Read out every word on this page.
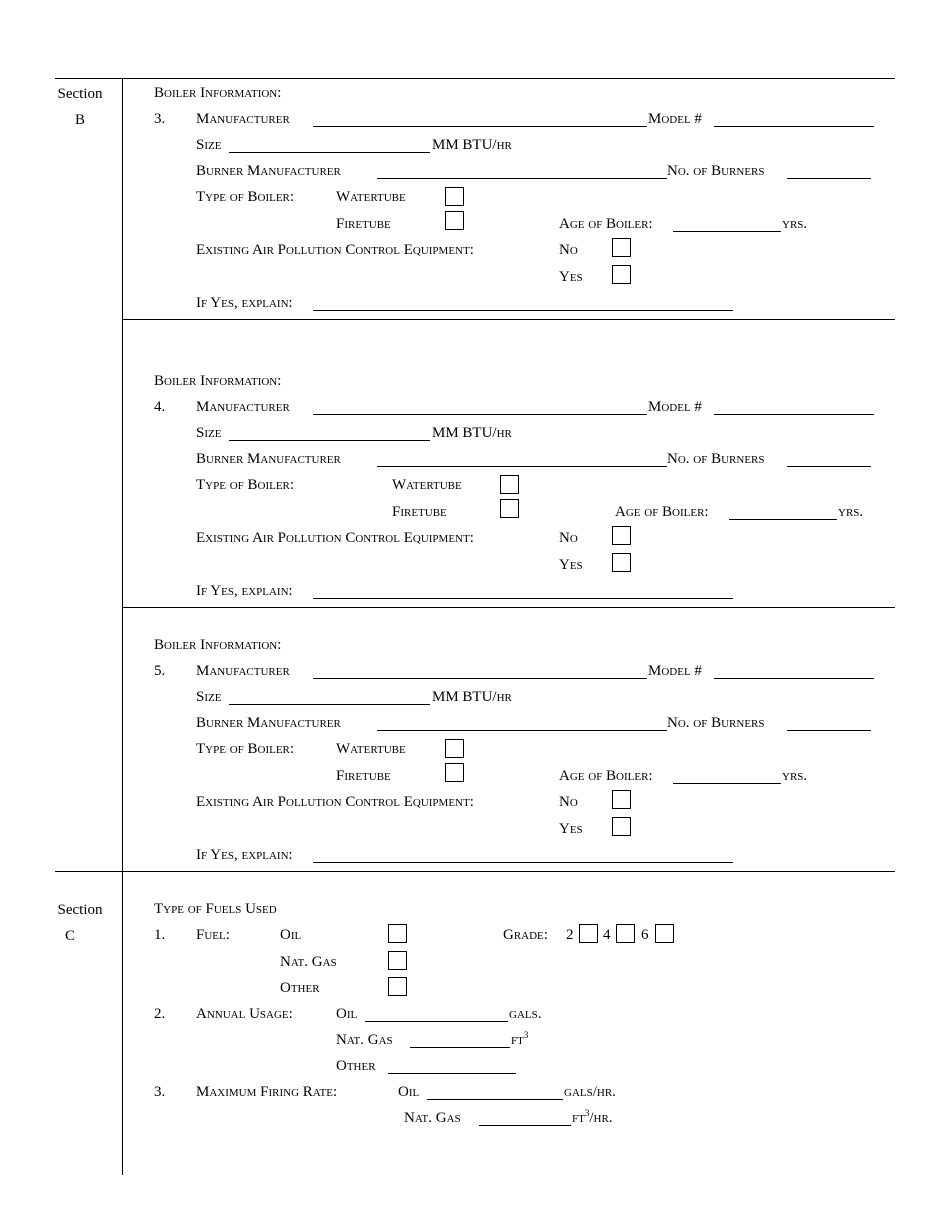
Section
B
Boiler Information:
3. Manufacturer	Model #
Size	MM BTU/hr
Burner Manufacturer	No. of Burners
Type of Boiler:	Watertube
Firetube	Age of Boiler:	yrs.
Existing Air Pollution Control Equipment:	No
Yes
If Yes, explain:
Boiler Information:
4. Manufacturer	Model #
Size	MM BTU/hr
Burner Manufacturer	No. of Burners
Type of Boiler:	Watertube
Firetube	Age of Boiler:	yrs.
Existing Air Pollution Control Equipment:	No
Yes
If Yes, explain:
Boiler Information:
5. Manufacturer	Model #
Size	MM BTU/hr
Burner Manufacturer	No. of Burners
Type of Boiler:	Watertube
Firetube	Age of Boiler:	yrs.
Existing Air Pollution Control Equipment:	No
Yes
If Yes, explain:
Section
C
Type of Fuels Used
1. Fuel:	Oil
Nat. Gas
Other
Grade: 2 4 6
2. Annual Usage:	Oil	gals.
Nat. Gas	$ft^3$
Other
3. Maximum Firing Rate:	Oil	gals/hr.
Nat. Gas	$ft^3/hr$.
